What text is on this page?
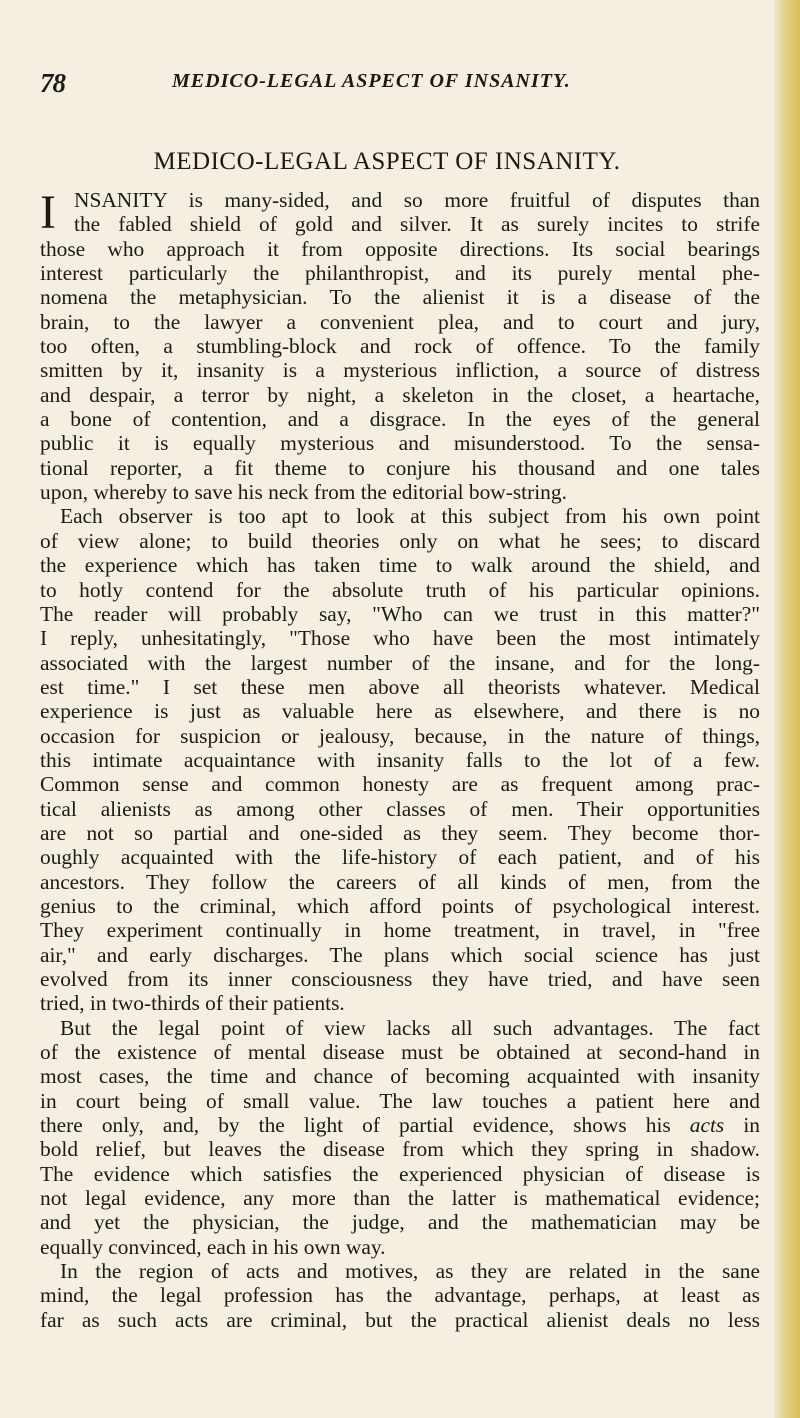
78	MEDICO-LEGAL ASPECT OF INSANITY.
MEDICO-LEGAL ASPECT OF INSANITY.
I NSANITY is many-sided, and so more fruitful of disputes than
the fabled shield of gold and silver. It as surely incites to strife
those who approach it from opposite directions. Its social bearings
interest particularly the philanthropist, and its purely mental phe-
nomena the metaphysician. To the alienist it is a disease of the
brain, to the lawyer a convenient plea, and to court and jury,
too often, a stumbling-block and rock of offence. To the family
smitten by it, insanity is a mysterious infliction, a source of distress
and despair, a terror by night, a skeleton in the closet, a heartache,
a bone of contention, and a disgrace. In the eyes of the general
public it is equally mysterious and misunderstood. To the sensa-
tional reporter, a fit theme to conjure his thousand and one tales
upon, whereby to save his neck from the editorial bow-string.
Each observer is too apt to look at this subject from his own point
of view alone; to build theories only on what he sees; to discard
the experience which has taken time to walk around the shield, and
to hotly contend for the absolute truth of his particular opinions.
The reader will probably say, "Who can we trust in this matter?"
I reply, unhesitatingly, "Those who have been the most intimately
associated with the largest number of the insane, and for the long-
est time." I set these men above all theorists whatever. Medical
experience is just as valuable here as elsewhere, and there is no
occasion for suspicion or jealousy, because, in the nature of things,
this intimate acquaintance with insanity falls to the lot of a few.
Common sense and common honesty are as frequent among prac-
tical alienists as among other classes of men. Their opportunities
are not so partial and one-sided as they seem. They become thor-
oughly acquainted with the life-history of each patient, and of his
ancestors. They follow the careers of all kinds of men, from the
genius to the criminal, which afford points of psychological interest.
They experiment continually in home treatment, in travel, in "free
air," and early discharges. The plans which social science has just
evolved from its inner consciousness they have tried, and have seen
tried, in two-thirds of their patients.
But the legal point of view lacks all such advantages. The fact
of the existence of mental disease must be obtained at second-hand in
most cases, the time and chance of becoming acquainted with insanity
in court being of small value. The law touches a patient here and
there only, and, by the light of partial evidence, shows his acts in
bold relief, but leaves the disease from which they spring in shadow.
The evidence which satisfies the experienced physician of disease is
not legal evidence, any more than the latter is mathematical evidence;
and yet the physician, the judge, and the mathematician may be
equally convinced, each in his own way.
In the region of acts and motives, as they are related in the sane
mind, the legal profession has the advantage, perhaps, at least as
far as such acts are criminal, but the practical alienist deals no less
